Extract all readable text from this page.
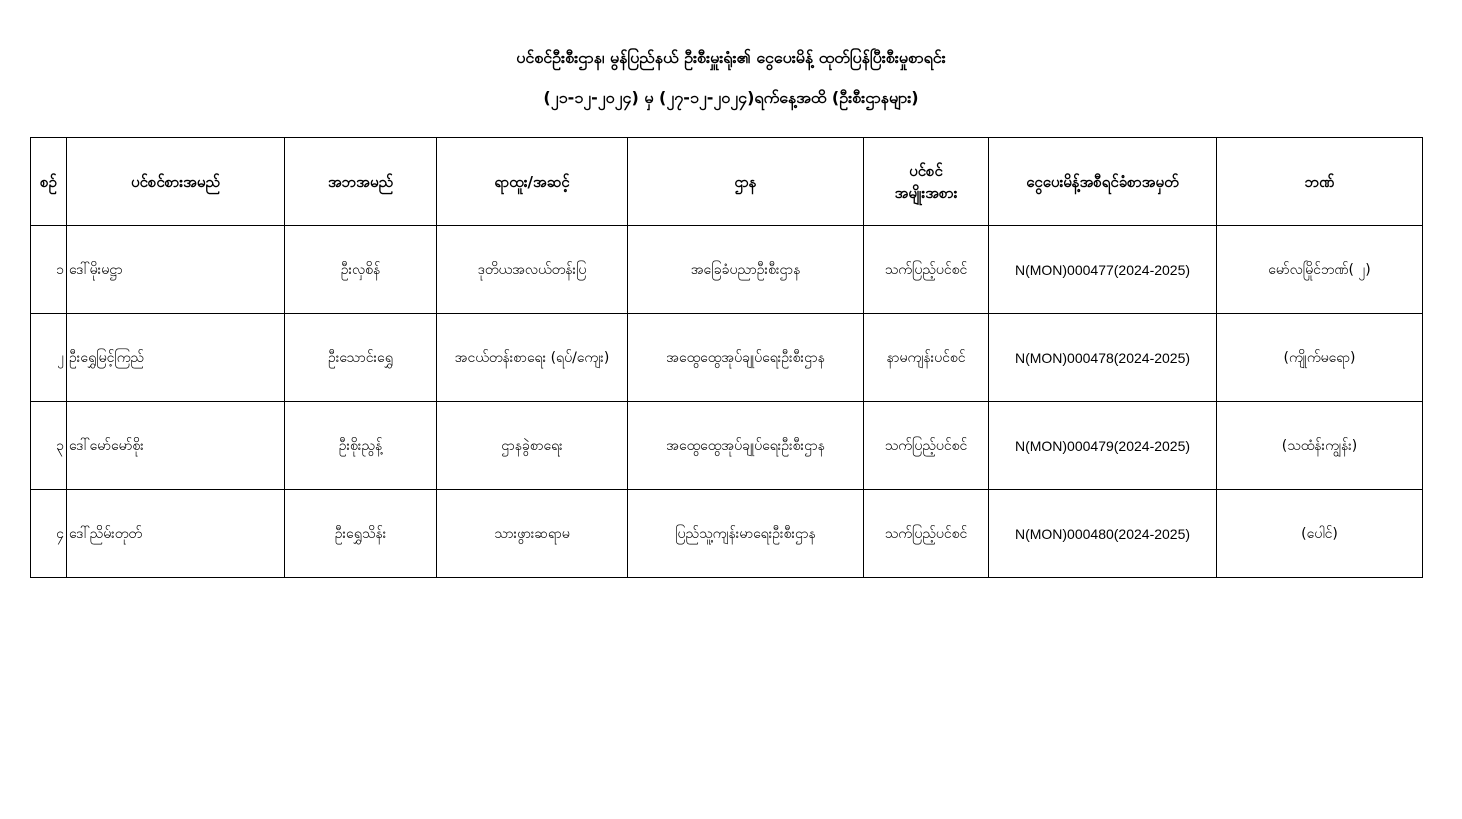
ပင်စင်ဦးစီးဌာန၊ မွန်ပြည်နယ် ဦးစီးမှူးရုံး၏ ငွေပေးမိန့် ထုတ်ပြန်ပြီးစီးမှုစာရင်း
(၂၁-၁၂-၂၀၂၄) မှ (၂၇-၁၂-၂၀၂၄)ရက်နေ့အထိ (ဦးစီးဌာနများ)
စဉ်	ပင်စင်စားအမည်	အဘအမည်	ရာထူး/အဆင့်	ဌာန	ပင်စင်
အမျိုးအစား	ငွေပေးမိန့်အစီရင်ခံစာအမှတ်	ဘဏ်
၁	ဒေါ်မိုးမဋ္ဌာ	ဦးလှစိန်	ဒုတိယအလယ်တန်းပြ	အခြေခံပညာဦးစီးဌာန	သက်ပြည့်ပင်စင်	N(MON)000477(2024-2025)	မော်လမြိုင်ဘဏ်( ၂)
၂	ဦးရွှေမြင့်ကြည်	ဦးသောင်းရွှေ	အငယ်တန်းစာရေး (ရပ်/ကျေး)	အထွေထွေအုပ်ချုပ်ရေးဦးစီးဌာန	နာမကျန်းပင်စင်	N(MON)000478(2024-2025)	(ကျိုက်မရော)
၃	ဒေါ်မော်မော်စိုး	ဦးစိုးညွန့်	ဌာနခွဲစာရေး	အထွေထွေအုပ်ချုပ်ရေးဦးစီးဌာန	သက်ပြည့်ပင်စင်	N(MON)000479(2024-2025)	(သထံန်းကျွန်း)
၄	ဒေါ်ညိမ်းတုတ်	ဦးရွှေသိန်း	သားဖွားဆရာမ	ပြည်သူ့ကျန်းမာရေးဦးစီးဌာန	သက်ပြည့်ပင်စင်	N(MON)000480(2024-2025)	(ပေါင်)
